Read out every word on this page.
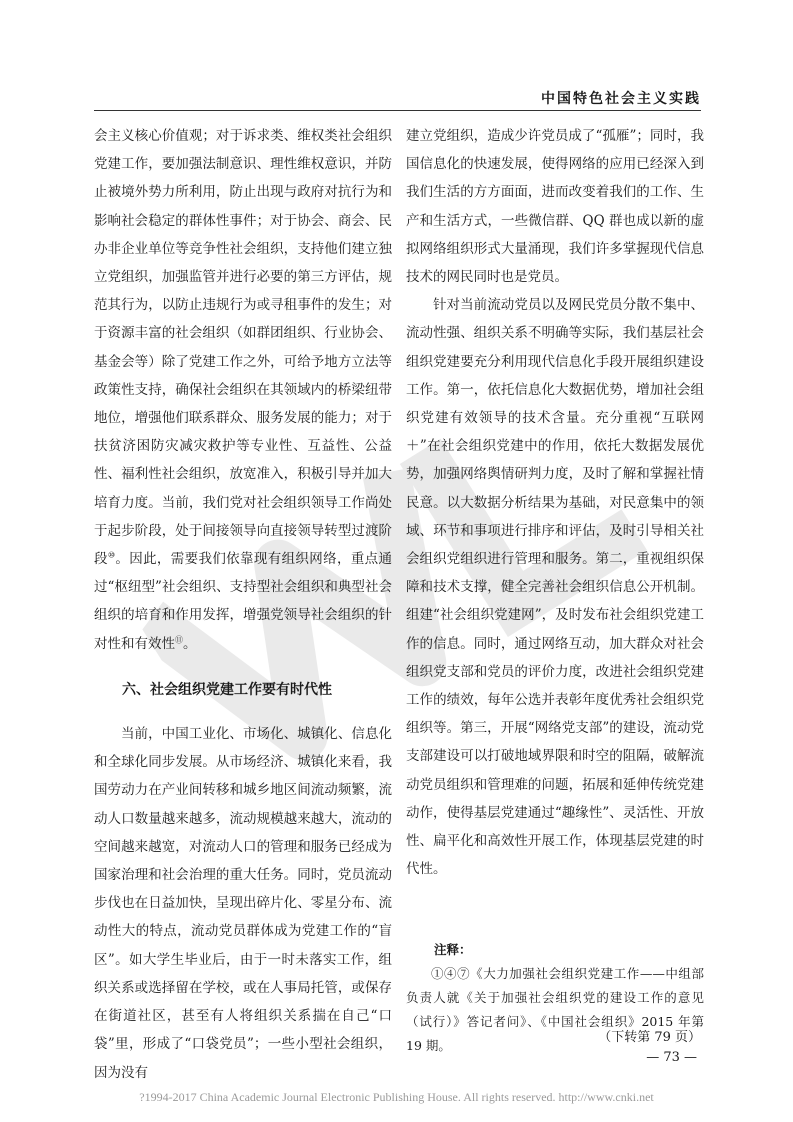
中国特色社会主义实践

会主义核心价值观；对于诉求类、维权类社会组织党建工作，要加强法制意识、理性维权意识，并防止被境外势力所利用，防止出现与政府对抗行为和影响社会稳定的群体性事件；对于协会、商会、民办非企业单位等竞争性社会组织，支持他们建立独立党组织，加强监管并进行必要的第三方评估，规范其行为，以防止违规行为或寻租事件的发生；对于资源丰富的社会组织（如群团组织、行业协会、基金会等）除了党建工作之外，可给予地方立法等政策性支持，确保社会组织在其领域内的桥梁纽带地位，增强他们联系群众、服务发展的能力；对于扶贫济困防灾减灾救护等专业性、互益性、公益性、福利性社会组织，放宽准入，积极引导并加大培育力度。当前，我们党对社会组织领导工作尚处于起步阶段，处于间接领导向直接领导转型过渡阶段⑩。因此，需要我们依靠现有组织网络，重点通过“枢纽型”社会组织、支持型社会组织和典型社会组织的培育和作用发挥，增强党领导社会组织的针对性和有效性⑪。

六、社会组织党建工作要有时代性

当前，中国工业化、市场化、城镇化、信息化和全球化同步发展。从市场经济、城镇化来看，我国劳动力在产业间转移和城乡地区间流动频繁，流动人口数量越来越多，流动规模越来越大，流动的空间越来越宽，对流动人口的管理和服务已经成为国家治理和社会治理的重大任务。同时，党员流动步伐也在日益加快，呈现出碎片化、零星分布、流动性大的特点，流动党员群体成为党建工作的“盲区”。如大学生毕业后，由于一时未落实工作，组织关系或选择留在学校，或在人事局托管，或保存在街道社区，甚至有人将组织关系揣在自己“口袋”里，形成了“口袋党员”；一些小型社会组织，因为没有

建立党组织，造成少许党员成了“孤雁”；同时，我国信息化的快速发展，使得网络的应用已经深入到我们生活的方方面面，进而改变着我们的工作、生产和生活方式，一些微信群、QQ 群也成以新的虚拟网络组织形式大量涌现，我们许多掌握现代信息技术的网民同时也是党员。

针对当前流动党员以及网民党员分散不集中、流动性强、组织关系不明确等实际，我们基层社会组织党建要充分利用现代信息化手段开展组织建设工作。第一，依托信息化大数据优势，增加社会组织党建有效领导的技术含量。充分重视“互联网＋”在社会组织党建中的作用，依托大数据发展优势，加强网络舆情研判力度，及时了解和掌握社情民意。以大数据分析结果为基础，对民意集中的领域、环节和事项进行排序和评估，及时引导相关社会组织党组织进行管理和服务。第二，重视组织保障和技术支撑，健全完善社会组织信息公开机制。组建“社会组织党建网”，及时发布社会组织党建工作的信息。同时，通过网络互动，加大群众对社会组织党支部和党员的评价力度，改进社会组织党建工作的绩效，每年公选并表彰年度优秀社会组织党组织等。第三，开展“网络党支部”的建设，流动党支部建设可以打破地域界限和时空的阻隔，破解流动党员组织和管理难的问题，拓展和延伸传统党建动作，使得基层党建通过“趣缘性”、灵活性、开放性、扁平化和高效性开展工作，体现基层党建的时代性。

注释：
①④⑦《大力加强社会组织党建工作——中组部负责人就《关于加强社会组织党的建设工作的意见（试行）》答记者问》、《中国社会组织》2015 年第 19 期。
（下转第 79 页）
— 73 —
?1994-2017 China Academic Journal Electronic Publishing House. All rights reserved. http://www.cnki.net
